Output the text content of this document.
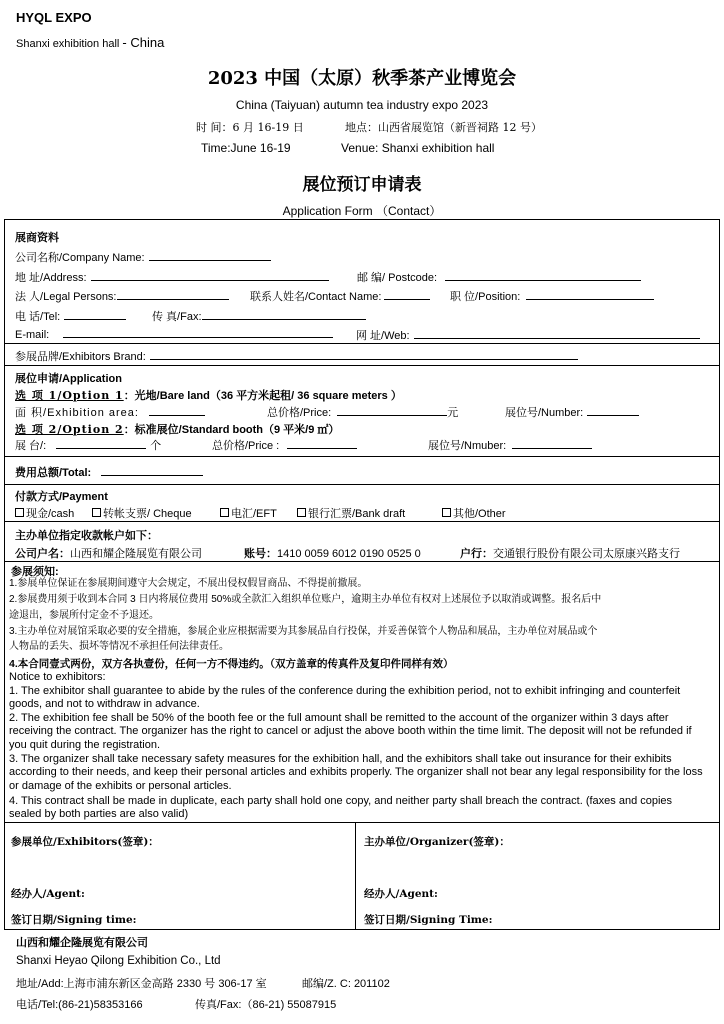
HYQL EXPO
Shanxi exhibition hall - China
2023 中国（太原）秋季茶产业博览会
China (Taiyuan) autumn tea industry expo 2023
时 间：6 月 16-19 日	地点：山西省展览馆（新晋祠路 12 号）
Time:June 16-19	Venue: Shanxi exhibition hall
展位预订申请表
Application Form （Contact）
展商资料
公司名称/Company Name:
地 址/Address:	邮 编/ Postcode:
法 人/Legal Persons:	联系人姓名/Contact Name:	职 位/Position:
电 话/Tel:	传 真/Fax:
E-mail:	网 址/Web:
参展品牌/Exhibitors Brand:
展位申请/Application
选 项 1/Option 1：光地/Bare land（36 平方米起租/ 36 square meters ）
面 积/Exhibition area:	总价格/Price:	元	展位号/Number:
选 项 2/Option 2：标准展位/Standard booth（9 平米/9 ㎡）
展 台/:	个	总价格/Price :	展位号/Nmuber:
费用总额/Total:
付款方式/Payment
现金/cash	转帐支票/ Cheque	电汇/EFT	银行汇票/Bank draft	其他/Other
主办单位指定收款帐户如下：
公司户名：山西和耀企隆展览有限公司	账号：1410 0059 6012 0190 0525 0	户行：交通银行股份有限公司太原康兴路支行
参展须知:
1.参展单位保证在参展期间遵守大会规定，不展出侵权假冒商品、不得提前撤展。
2.参展费用须于收到本合同 3 日内将展位费用 50%或全款汇入组织单位账户，逾期主办单位有权对上述展位予以取消或调整。报名后中
途退出，参展所付定金不予退还。
3.主办单位对展馆采取必要的安全措施，参展企业应根据需要为其参展品自行投保，并妥善保管个人物品和展品，主办单位对展品或个
人物品的丢失、损坏等情况不承担任何法律责任。
4.本合同壹式两份，双方各执壹份，任何一方不得违约。（双方盖章的传真件及复印件同样有效）
Notice to exhibitors:
1. The exhibitor shall guarantee to abide by the rules of the conference during the exhibition period, not to exhibit infringing and counterfeit goods, and not to withdraw in advance.
2. The exhibition fee shall be 50% of the booth fee or the full amount shall be remitted to the account of the organizer within 3 days after receiving the contract. The organizer has the right to cancel or adjust the above booth within the time limit. The deposit will not be refunded if you quit during the registration.
3. The organizer shall take necessary safety measures for the exhibition hall, and the exhibitors shall take out insurance for their exhibits according to their needs, and keep their personal articles and exhibits properly. The organizer shall not bear any legal responsibility for the loss or damage of the exhibits or personal articles.
4. This contract shall be made in duplicate, each party shall hold one copy, and neither party shall breach the contract. (faxes and copies sealed by both parties are also valid)
参展单位/Exhibitors(签章)：	主办单位/Organizer(签章)：
经办人/Agent:	经办人/Agent:
签订日期/Signing time:	签订日期/Signing Time:
山西和耀企隆展览有限公司
Shanxi Heyao Qilong Exhibition Co., Ltd
地址/Add:上海市浦东新区金高路 2330 号 306-17 室	邮编/Z. C: 201102
电话/Tel:(86-21)58353166	传真/Fax:（86-21) 55087915
